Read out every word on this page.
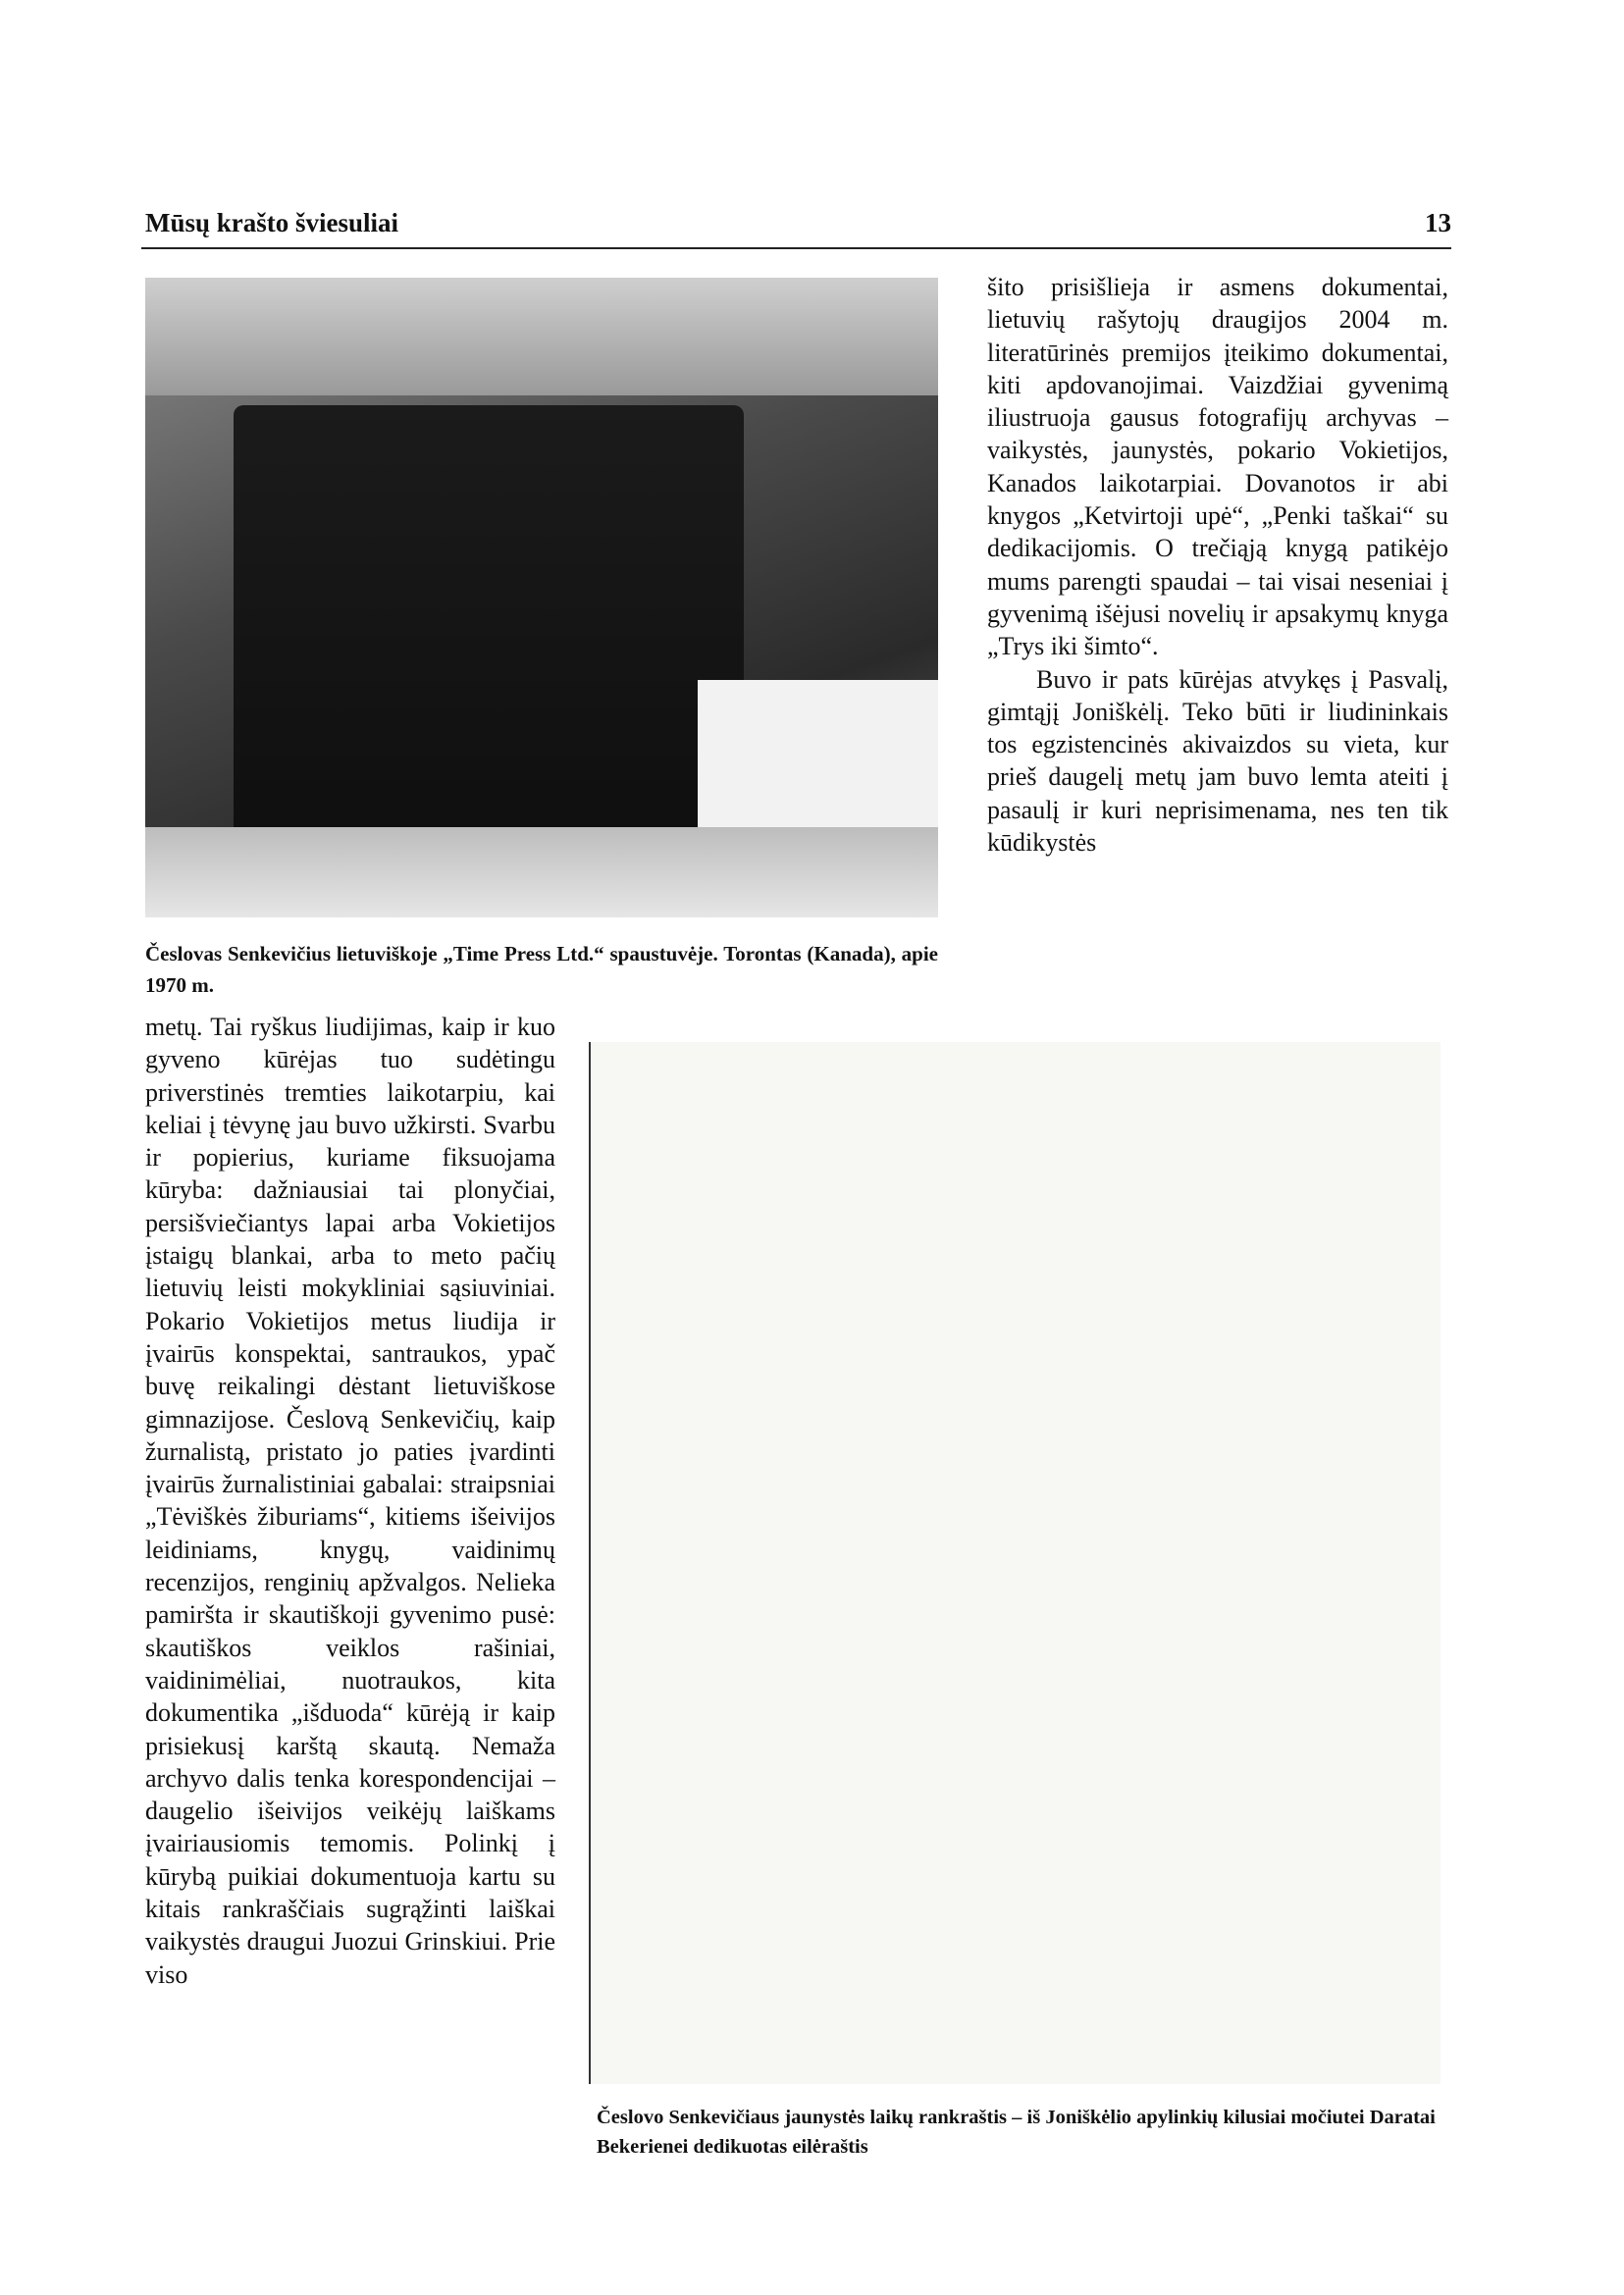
Mūsų krašto šviesuliai	13
Česlovas Senkevičius lietuviškoje „Time Press Ltd.“ spaustuvėje. Torontas (Kanada), apie 1970 m.

šito prisišlieja ir asmens dokumentai, lietuvių rašytojų draugijos 2004 m. literatūrinės premijos įteikimo dokumentai, kiti apdovanojimai. Vaizdžiai gyvenimą iliustruoja gausus fotografijų archyvas – vaikystės, jaunystės, pokario Vokietijos, Kanados laikotarpiai. Dovanotos ir abi knygos „Ketvirtoji upė“, „Penki taškai“ su dedikacijomis. O trečiąją knygą patikėjo mums parengti spaudai – tai visai neseniai į gyvenimą išėjusi novelių ir apsakymų knyga „Trys iki šimto“.

Buvo ir pats kūrėjas atvykęs į Pasvalį, gimtąjį Joniškėlį. Teko būti ir liudininkais tos egzistencinės akivaizdos su vieta, kur prieš daugelį metų jam buvo lemta ateiti į pasaulį ir kuri neprisimenama, nes ten tik kūdikystės

metų. Tai ryškus liudijimas, kaip ir kuo gyveno kūrėjas tuo sudėtingu priverstinės tremties laikotarpiu, kai keliai į tėvynę jau buvo užkirsti. Svarbu ir popierius, kuriame fiksuojama kūryba: dažniausiai tai plonyčiai, persišviečiantys lapai arba Vokietijos įstaigų blankai, arba to meto pačių lietuvių leisti mokykliniai sąsiuviniai. Pokario Vokietijos metus liudija ir įvairūs konspektai, santraukos, ypač buvę reikalingi dėstant lietuviškose gimnazijose. Česlovą Senkevičių, kaip žurnalistą, pristato jo paties įvardinti įvairūs žurnalistiniai gabalai: straipsniai „Tėviškės žiburiams“, kitiems išeivijos leidiniams, knygų, vaidinimų recenzijos, renginių apžvalgos. Nelieka pamiršta ir skautiškoji gyvenimo pusė: skautiškos veiklos rašiniai, vaidinimėliai, nuotraukos, kita dokumentika „išduoda“ kūrėją ir kaip prisiekusį karštą skautą. Nemaža archyvo dalis tenka korespondencijai – daugelio išeivijos veikėjų laiškams įvairiausiomis temomis. Polinkį į kūrybą puikiai dokumentuoja kartu su kitais rankraščiais sugrąžinti laiškai vaikystės draugui Juozui Grinskiui. Prie viso

Česlovo Senkevičiaus jaunystės laikų rankraštis – iš Joniškėlio apylinkių kilusiai močiutei Daratai Bekerienei dedikuotas eilėraštis
